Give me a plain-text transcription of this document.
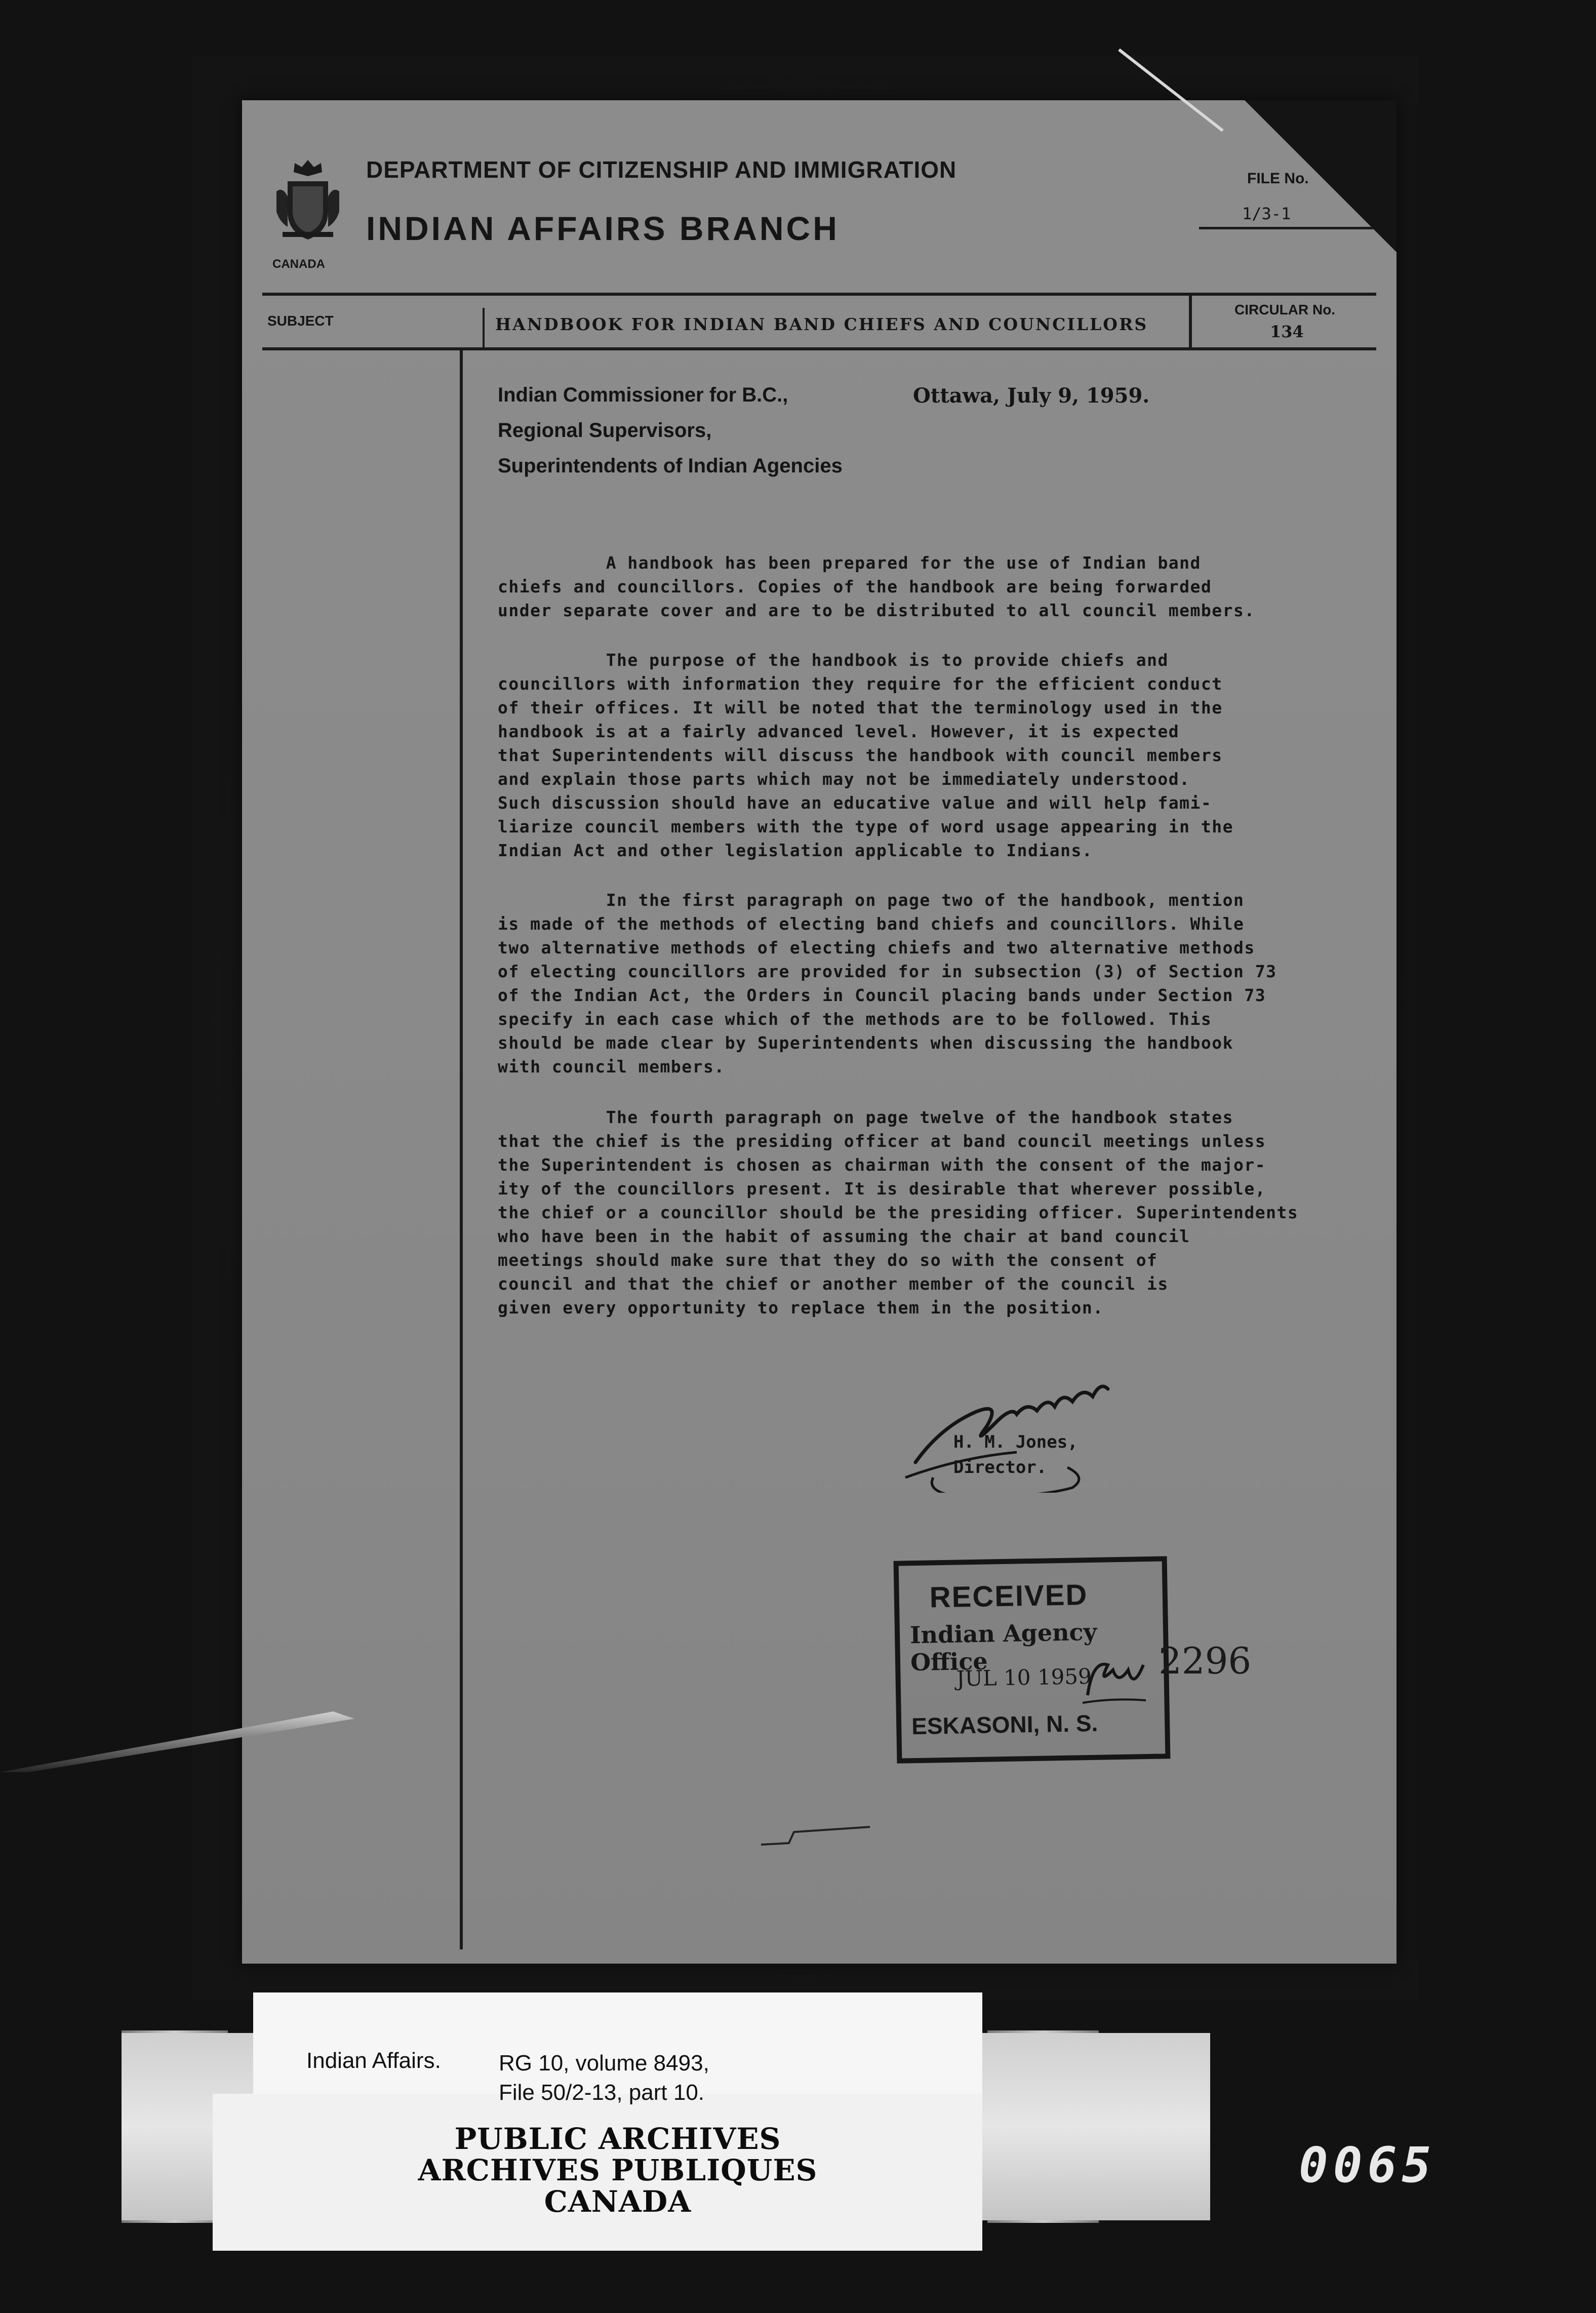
CANADA
DEPARTMENT OF CITIZENSHIP AND IMMIGRATION
INDIAN AFFAIRS BRANCH
FILE No.
1/3-1
SUBJECT	HANDBOOK FOR INDIAN BAND CHIEFS AND COUNCILLORS
CIRCULAR No.
134
Indian Commissioner for B.C.,
Regional Supervisors,
Superintendents of Indian Agencies
Ottawa, July 9, 1959.
A handbook has been prepared for the use of Indian band
chiefs and councillors. Copies of the handbook are being forwarded
under separate cover and are to be distributed to all council members.
The purpose of the handbook is to provide chiefs and
councillors with information they require for the efficient conduct
of their offices. It will be noted that the terminology used in the
handbook is at a fairly advanced level. However, it is expected
that Superintendents will discuss the handbook with council members
and explain those parts which may not be immediately understood.
Such discussion should have an educative value and will help fami-
liarize council members with the type of word usage appearing in the
Indian Act and other legislation applicable to Indians.
In the first paragraph on page two of the handbook, mention
is made of the methods of electing band chiefs and councillors. While
two alternative methods of electing chiefs and two alternative methods
of electing councillors are provided for in subsection (3) of Section 73
of the Indian Act, the Orders in Council placing bands under Section 73
specify in each case which of the methods are to be followed. This
should be made clear by Superintendents when discussing the handbook
with council members.
The fourth paragraph on page twelve of the handbook states
that the chief is the presiding officer at band council meetings unless
the Superintendent is chosen as chairman with the consent of the major-
ity of the councillors present. It is desirable that wherever possible,
the chief or a councillor should be the presiding officer. Superintendents
who have been in the habit of assuming the chair at band council
meetings should make sure that they do so with the consent of
council and that the chief or another member of the council is
given every opportunity to replace them in the position.
H. M. Jones,
Director.
RECEIVED
Indian Agency Office
JUL 10 1959
ESKASONI, N. S.
2296
Indian Affairs.	RG 10, volume 8493,
File 50/2-13, part 10.
PUBLIC ARCHIVES
ARCHIVES PUBLIQUES
CANADA
0065
